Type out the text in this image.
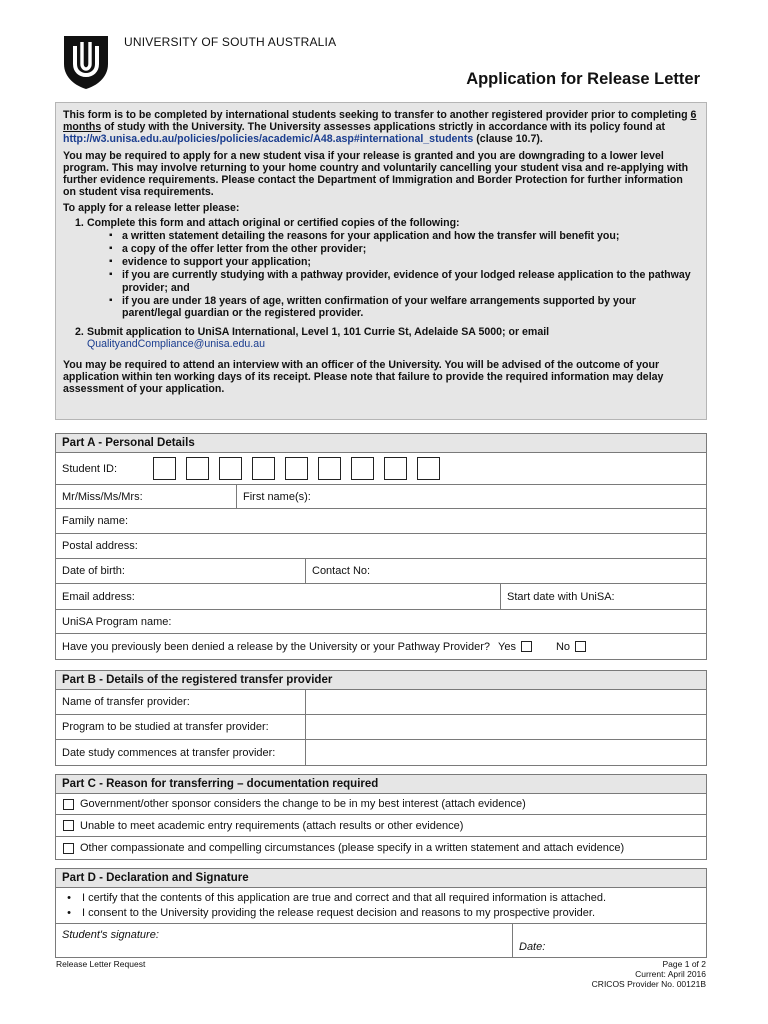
UNIVERSITY OF SOUTH AUSTRALIA
Application for Release Letter

This form is to be completed by international students seeking to transfer to another registered provider prior to completing 6 months of study with the University. The University assesses applications strictly in accordance with its policy found at http://w3.unisa.edu.au/policies/policies/academic/A48.asp#international_students (clause 10.7).

You may be required to apply for a new student visa if your release is granted and you are downgrading to a lower level program. This may involve returning to your home country and voluntarily cancelling your student visa and re-applying with further evidence requirements. Please contact the Department of Immigration and Border Protection for further information on student visa requirements.

To apply for a release letter please:

1. Complete this form and attach original or certified copies of the following:
▪ a written statement detailing the reasons for your application and how the transfer will benefit you;
▪ a copy of the offer letter from the other provider;
▪ evidence to support your application;
▪ if you are currently studying with a pathway provider, evidence of your lodged release application to the pathway provider; and
▪ if you are under 18 years of age, written confirmation of your welfare arrangements supported by your parent/legal guardian or the registered provider.
2. Submit application to UniSA International, Level 1, 101 Currie St, Adelaide SA 5000; or email
QualityandCompliance@unisa.edu.au

You may be required to attend an interview with an officer of the University. You will be advised of the outcome of your application within ten working days of its receipt. Please note that failure to provide the required information may delay assessment of your application.

Part A - Personal Details
Student ID:
Mr/Miss/Ms/Mrs:	First name(s):
Family name:
Postal address:
Date of birth:	Contact No:
Email address:	Start date with UniSA:
UniSA Program name:
Have you previously been denied a release by the University or your Pathway Provider? Yes	No
Part B - Details of the registered transfer provider
Name of transfer provider:
Program to be studied at transfer provider:
Date study commences at transfer provider:
Part C - Reason for transferring – documentation required
Government/other sponsor considers the change to be in my best interest (attach evidence)
Unable to meet academic entry requirements (attach results or other evidence)
Other compassionate and compelling circumstances (please specify in a written statement and attach evidence)
Part D - Declaration and Signature
• I certify that the contents of this application are true and correct and that all required information is attached.
• I consent to the University providing the release request decision and reasons to my prospective provider.
Student's signature:
Date:
Release Letter Request	Page 1 of 2
Current: April 2016
CRICOS Provider No. 00121B
